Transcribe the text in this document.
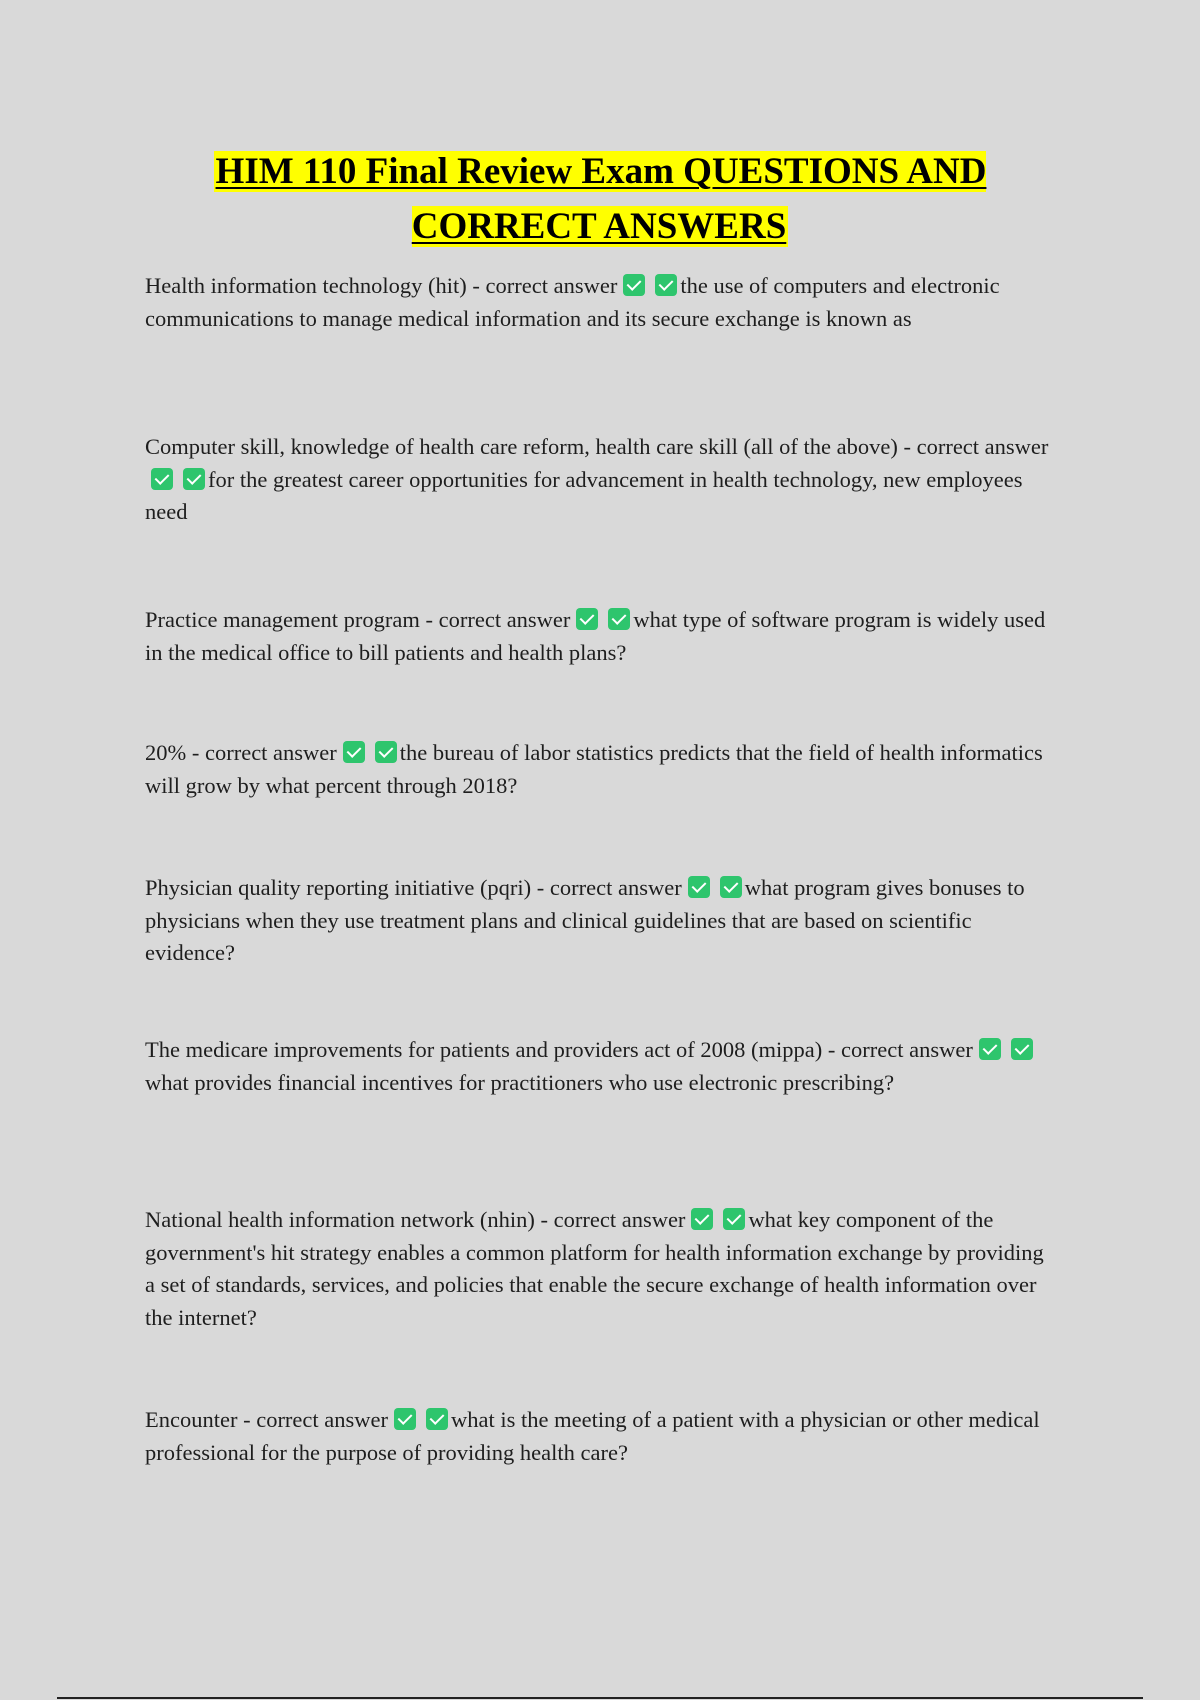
HIM 110 Final Review Exam QUESTIONS AND CORRECT ANSWERS

Health information technology (hit) - correct answer	the use of computers and electronic communications to manage medical information and its secure exchange is known as

Computer skill, knowledge of health care reform, health care skill (all of the above) - correct answerfor the greatest career opportunities for advancement in health technology, new employees need

Practice management program - correct answer	what type of software program is widely used in the medical office to bill patients and health plans?

20% - correct answer	the bureau of labor statistics predicts that the field of health informatics will grow by what percent through 2018?

Physician quality reporting initiative (pqri) - correct answer	what program gives bonuses to physicians when they use treatment plans and clinical guidelines that are based on scientific evidence?

The medicare improvements for patients and providers act of 2008 (mippa) - correct answerwhat provides financial incentives for practitioners who use electronic prescribing?

National health information network (nhin) - correct answer	what key component of the government's hit strategy enables a common platform for health information exchange by providing a set of standards, services, and policies that enable the secure exchange of health information over the internet?

Encounter - correct answer	what is the meeting of a patient with a physician or other medical professional for the purpose of providing health care?
